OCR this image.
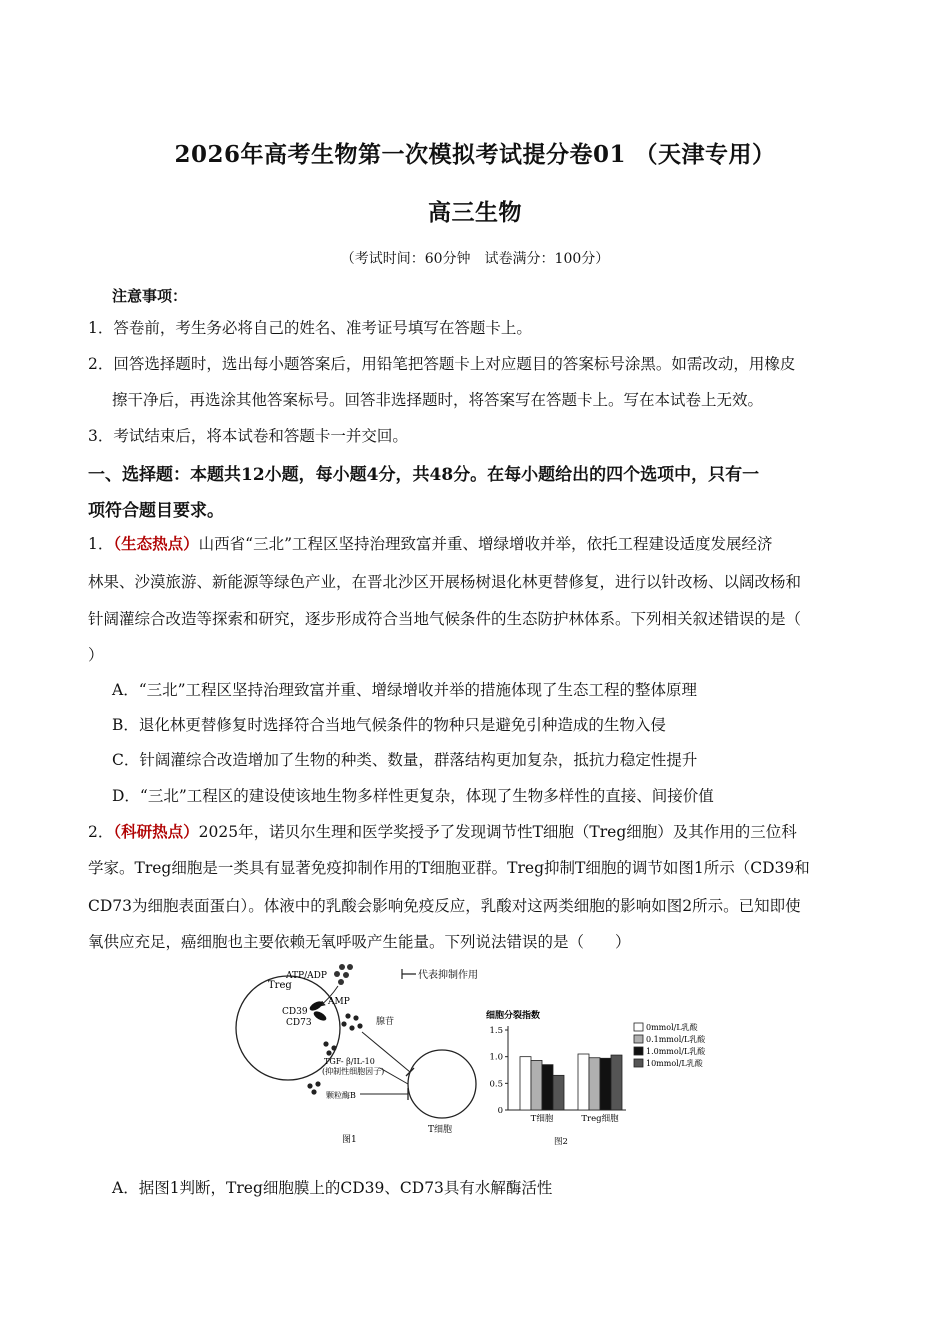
2026年高考生物第一次模拟考试提分卷01 （天津专用）
高三生物
（考试时间：60分钟　试卷满分：100分）
注意事项：
1．答卷前，考生务必将自己的姓名、准考证号填写在答题卡上。
2．回答选择题时，选出每小题答案后，用铅笔把答题卡上对应题目的答案标号涂黑。如需改动，用橡皮
擦干净后，再选涂其他答案标号。回答非选择题时，将答案写在答题卡上。写在本试卷上无效。
3．考试结束后，将本试卷和答题卡一并交回。
一、选择题：本题共12小题，每小题4分，共48分。在每小题给出的四个选项中，只有一
项符合题目要求。
1．（生态热点）山西省“三北”工程区坚持治理致富并重、增绿增收并举，依托工程建设适度发展经济
林果、沙漠旅游、新能源等绿色产业，在晋北沙区开展杨树退化林更替修复，进行以针改杨、以阔改杨和
针阔灌综合改造等探索和研究，逐步形成符合当地气候条件的生态防护林体系。下列相关叙述错误的是（
）
A．“三北”工程区坚持治理致富并重、增绿增收并举的措施体现了生态工程的整体原理
B．退化林更替修复时选择符合当地气候条件的物种只是避免引种造成的生物入侵
C．针阔灌综合改造增加了生物的种类、数量，群落结构更加复杂，抵抗力稳定性提升
D．“三北”工程区的建设使该地生物多样性更复杂，体现了生物多样性的直接、间接价值
2．（科研热点）2025年，诺贝尔生理和医学奖授予了发现调节性T细胞（Treg细胞）及其作用的三位科
学家。Treg细胞是一类具有显著免疫抑制作用的T细胞亚群。Treg抑制T细胞的调节如图1所示（CD39和
CD73为细胞表面蛋白）。体液中的乳酸会影响免疫反应，乳酸对这两类细胞的影响如图2所示。已知即使
氧供应充足，癌细胞也主要依赖无氧呼吸产生能量。下列说法错误的是（　　）
Treg
ATP/ADP
CD39
CD73
AMP
腺苷
TGF- β/IL-10
(抑制性细胞因子)
颗粒酶B
T细胞
代表抑制作用
图1
细胞分裂指数
0
0.5
1.0
1.5
T细胞	Treg细胞
0mmol/L乳酸
0.1mmol/L乳酸
1.0mmol/L乳酸
10mmol/L乳酸
图2
A．据图1判断，Treg细胞膜上的CD39、CD73具有水解酶活性
